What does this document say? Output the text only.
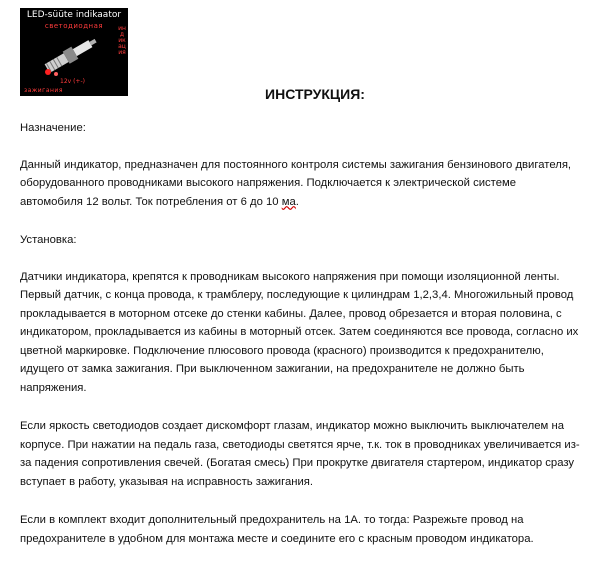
LED-süüte indikaator
светодиодная	индикация
12v (+-)
зажигания	ИНСТРУКЦИЯ:

Назначение:

Данный индикатор, предназначен для постоянного контроля системы зажигания бензинового двигателя, оборудованного проводниками высокого напряжения. Подключается к электрической системе автомобиля 12 вольт. Ток потребления от 6 до 10 ма.

Установка:

Датчики индикатора, крепятся к проводникам высокого напряжения при помощи изоляционной ленты. Первый датчик, с конца провода, к трамблеру, последующие к цилиндрам 1,2,3,4. Многожильный провод прокладывается в моторном отсеке до стенки кабины. Далее, провод обрезается и вторая половина, с индикатором, прокладывается из кабины в моторный отсек. Затем соединяются все провода, согласно их цветной маркировке. Подключение плюсового провода (красного) производится к предохранителю, идущего от замка зажигания. При выключенном зажигании, на предохранителе не должно быть напряжения.

Если яркость светодиодов создает дискомфорт глазам, индикатор можно выключить выключателем на корпусе. При нажатии на педаль газа, светодиоды светятся ярче, т.к. ток в проводниках увеличивается из-за падения сопротивления свечей. (Богатая смесь) При прокрутке двигателя стартером, индикатор сразу вступает в работу, указывая на исправность зажигания.

Если в комплект входит дополнительный предохранитель на 1А. то тогда: Разрежьте провод на предохранителе в удобном для монтажа месте и соедините его с красным проводом индикатора.
